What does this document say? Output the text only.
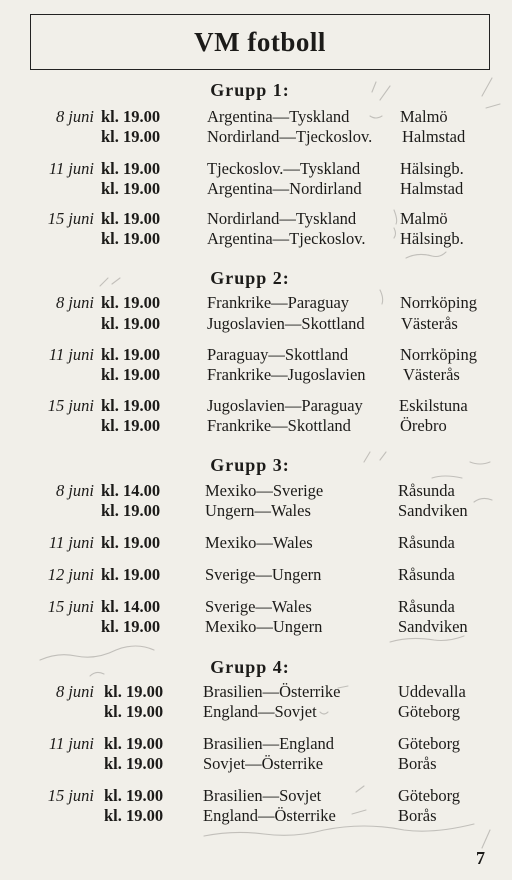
VM fotboll
Grupp 1:
8 juni kl. 19.00	Argentina—Tyskland	Malmö
kl. 19.00	Nordirland—Tjeckoslov. Halmstad
11 juni kl. 19.00	Tjeckoslov.—Tyskland Hälsingb.
kl. 19.00	Argentina—Nordirland Halmstad
15 juni kl. 19.00	Nordirland—Tyskland	Malmö
kl. 19.00	Argentina—Tjeckoslov. Hälsingb.
Grupp 2:
8 juni kl. 19.00	Frankrike—Paraguay	Norrköping
kl. 19.00	Jugoslavien—Skottland Västerås
11 juni kl. 19.00	Paraguay—Skottland	Norrköping
kl. 19.00	Frankrike—Jugoslavien Västerås
15 juni kl. 19.00	Jugoslavien—Paraguay Eskilstuna
kl. 19.00	Frankrike—Skottland	Örebro
Grupp 3:
8 juni kl. 14.00	Mexiko—Sverige	Råsunda
kl. 19.00	Ungern—Wales	Sandviken
11 juni kl. 19.00	Mexiko—Wales	Råsunda
12 juni kl. 19.00	Sverige—Ungern	Råsunda
15 juni kl. 14.00	Sverige—Wales	Råsunda
kl. 19.00	Mexiko—Ungern	Sandviken
Grupp 4:
8 juni kl. 19.00 Brasilien—Österrike	Uddevalla
kl. 19.00 England—Sovjet	Göteborg
11 juni kl. 19.00 Brasilien—England	Göteborg
kl. 19.00 Sovjet—Österrike	Borås
15 juni kl. 19.00 Brasilien—Sovjet	Göteborg
kl. 19.00 England—Österrike	Borås
7
